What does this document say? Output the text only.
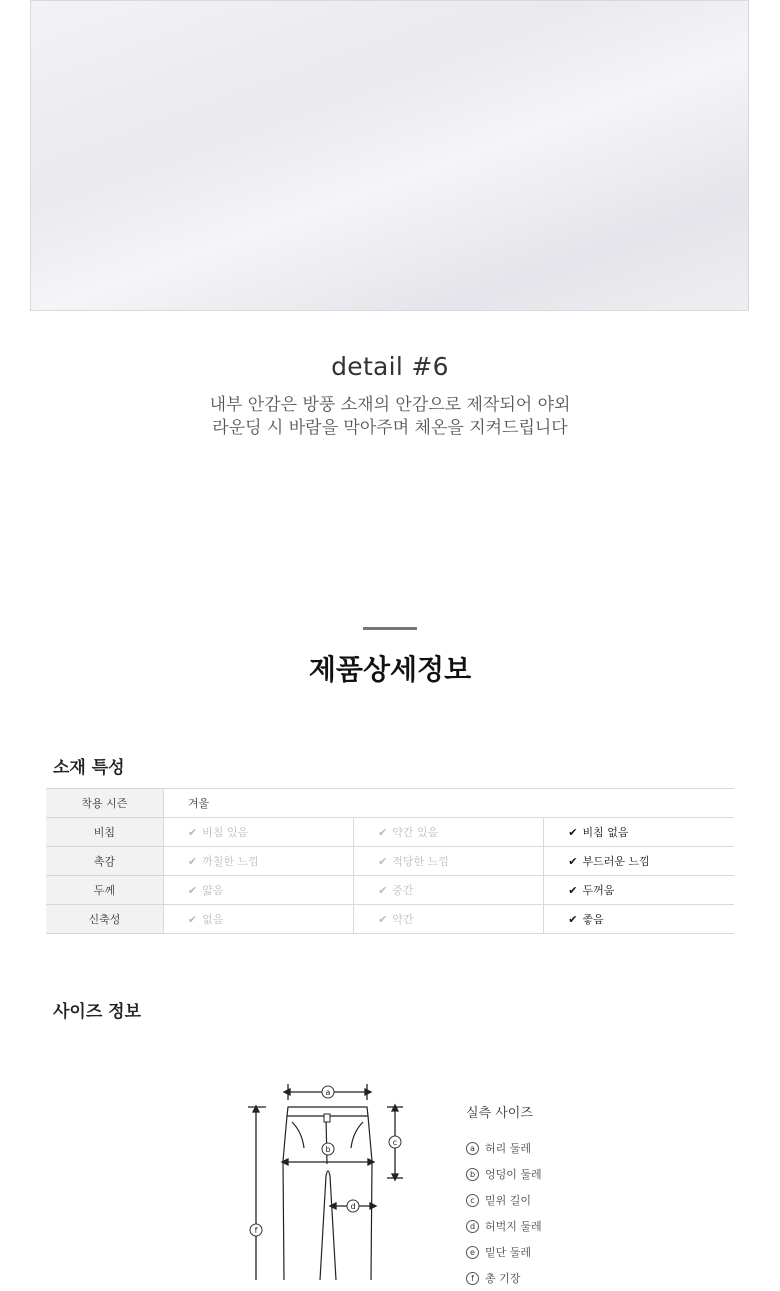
detail #6
내부 안감은 방풍 소재의 안감으로 제작되어 야외
라운딩 시 바람을 막아주며 체온을 지켜드립니다
제품상세정보
소재 특성
착용 시즌	겨울		
비침	✔ 비침 있음	✔ 약간 있음	✔ 비침 없음
촉감	✔ 까칠한 느낌	✔ 적당한 느낌	✔ 부드러운 느낌
두께	✔ 얇음	✔ 중간	✔ 두꺼움
신축성	✔ 없음	✔ 약간	✔ 좋음
사이즈 정보
a
b
c
d
f
실측 사이즈
a 허리 둘레
b 엉덩이 둘레
c 밑위 길이
d 허벅지 둘레
e 밑단 둘레
f	총 기장
